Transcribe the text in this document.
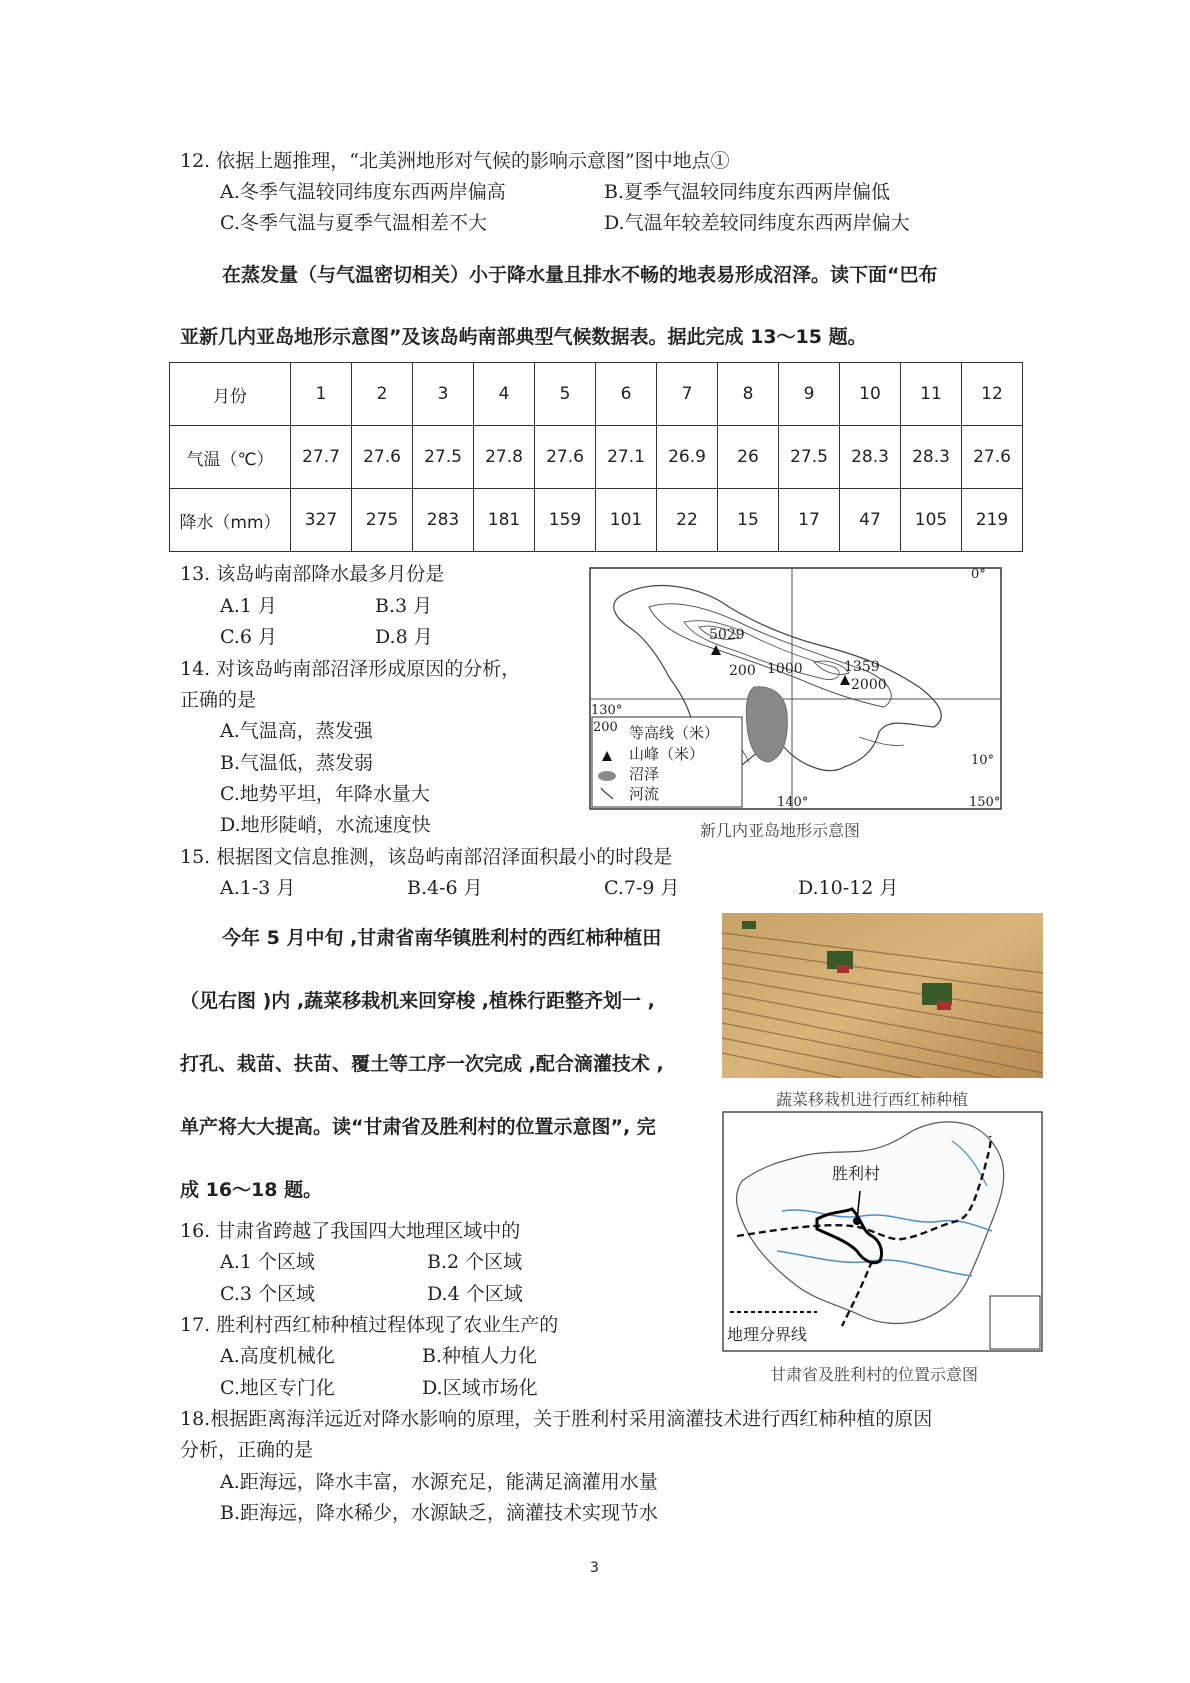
12. 依据上题推理，“北美洲地形对气候的影响示意图”图中地点①
A.冬季气温较同纬度东西两岸偏高	B.夏季气温较同纬度东西两岸偏低
C.冬季气温与夏季气温相差不大	D.气温年较差较同纬度东西两岸偏大
在蒸发量（与气温密切相关）小于降水量且排水不畅的地表易形成沼泽。读下面“巴布
亚新几内亚岛地形示意图”及该岛屿南部典型气候数据表。据此完成 13～15 题。
月份	1	2	3	4	5	6	7	8	9	10	11	12
气温（℃）	27.7	27.6	27.5	27.8	27.6	27.1	26.9	26	27.5	28.3	28.3	27.6
降水（mm）	327	275	283	181	159	101	22	15	17	47	105	219
13. 该岛屿南部降水最多月份是
A.1 月	B.3 月
C.6 月	D.8 月
14. 对该岛屿南部沼泽形成原因的分析，
正确的是
A.气温高，蒸发强
B.气温低，蒸发弱
C.地势平坦，年降水量大
D.地形陡峭，水流速度快
15. 根据图文信息推测，该岛屿南部沼泽面积最小的时段是
A.1-3 月	B.4-6 月	C.7-9 月	D.10-12 月
0°
10°
130°
140°	150°
5029
1359
200 1000
2000
200 等高线（米）
山峰（米）
沼泽
河流
新几内亚岛地形示意图
今年 5 月中旬 ,甘肃省南华镇胜利村的西红柿种植田
（见右图 )内 ,蔬菜移栽机来回穿梭 ,植株行距整齐划一 ,
打孔、栽苗、扶苗、覆土等工序一次完成 ,配合滴灌技术 ,
单产将大大提高。读“甘肃省及胜利村的位置示意图”, 完
成 16～18 题。
蔬菜移栽机进行西红柿种植
胜利村
地理分界线
甘肃省及胜利村的位置示意图
16. 甘肃省跨越了我国四大地理区域中的
A.1 个区域	B.2 个区域
C.3 个区域	D.4 个区域
17. 胜利村西红柿种植过程体现了农业生产的
A.高度机械化	B.种植人力化
C.地区专门化	D.区域市场化
18.根据距离海洋远近对降水影响的原理，关于胜利村采用滴灌技术进行西红柿种植的原因
分析，正确的是
A.距海远，降水丰富，水源充足，能满足滴灌用水量
B.距海远，降水稀少，水源缺乏，滴灌技术实现节水
3
